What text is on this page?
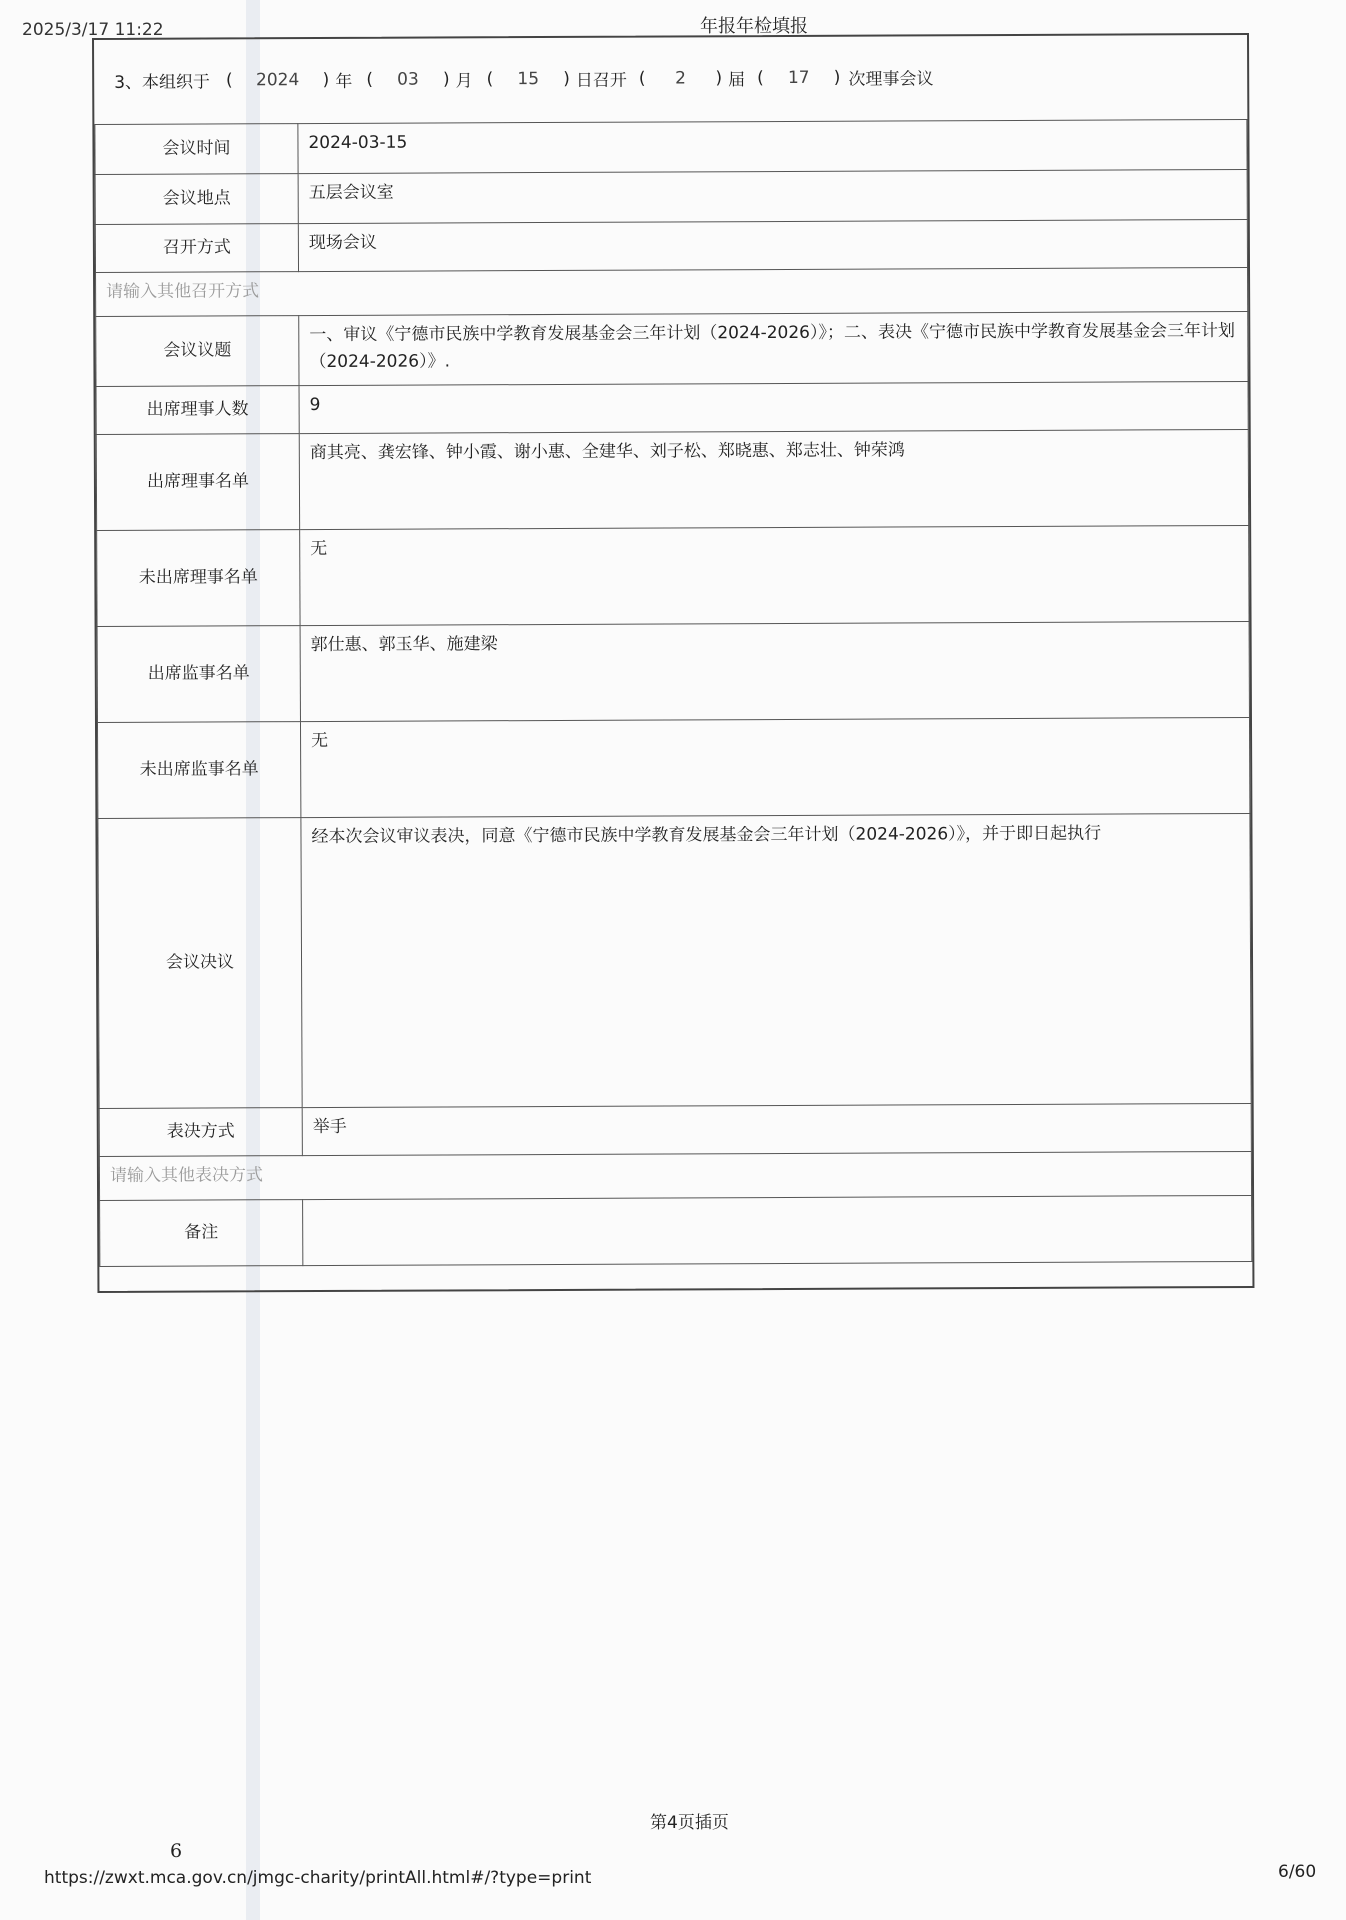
2025/3/17 11:22	年报年检填报
3、本组织于 (	2024	) 年 (	03	) 月 (	15	) 日召开 (	2	) 届 (	17	) 次理事会议
会议时间	2024-03-15
会议地点	五层会议室
召开方式	现场会议
请输入其他召开方式	
会议议题	一、审议《宁德市民族中学教育发展基金会三年计划（2024-2026）》；二、表决《宁德市民族中学教育发展基金会三年计划（2024-2026）》.
出席理事人数	9
出席理事名单	商其亮、龚宏锋、钟小霞、谢小惠、全建华、刘子松、郑晓惠、郑志壮、钟荣鸿
未出席理事名单	无
出席监事名单	郭仕惠、郭玉华、施建梁
未出席监事名单	无
会议决议	经本次会议审议表决，同意《宁德市民族中学教育发展基金会三年计划（2024-2026）》，并于即日起执行
表决方式	举手
请输入其他表决方式	
备注	
第4页插页
6
https://zwxt.mca.gov.cn/jmgc-charity/printAll.html#/?type=print	6/60
